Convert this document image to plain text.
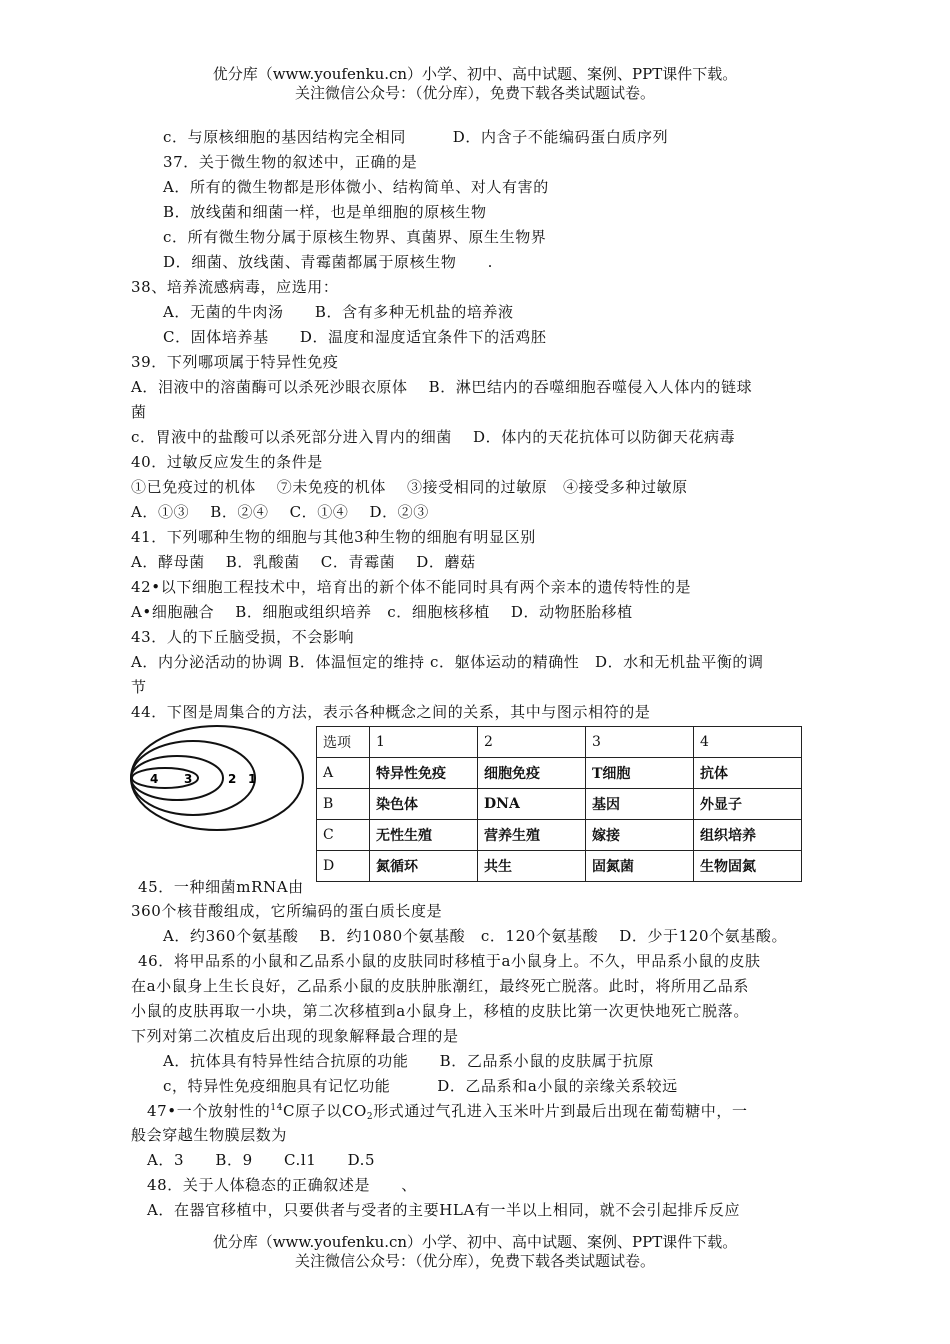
优分库（www.youfenku.cn）小学、初中、高中试题、案例、PPT课件下载。
关注微信公众号：（优分库），免费下载各类试题试卷。
c．与原核细胞的基因结构完全相同　　　D．内含子不能编码蛋白质序列
37．关于微生物的叙述中，正确的是
A．所有的微生物都是形体微小、结构简单、对人有害的
B．放线菌和细菌一样，也是单细胞的原核生物
c．所有微生物分属于原核生物界、真菌界、原生生物界
D．细菌、放线菌、青霉菌都属于原核生物　　.
38、培养流感病毒，应选用：
A．无菌的牛肉汤　　B．含有多种无机盐的培养液
C．固体培养基　　D．温度和湿度适宜条件下的活鸡胚
39．下列哪项属于特异性免疫
A．泪液中的溶菌酶可以杀死沙眼衣原体　 B．淋巴结内的吞噬细胞吞噬侵入人体内的链球
菌
c．胃液中的盐酸可以杀死部分进入胃内的细菌　 D．体内的天花抗体可以防御天花病毒
40．过敏反应发生的条件是
①已免疫过的机体　 ⑦未免疫的机体　 ③接受相同的过敏原　④接受多种过敏原
A．①③　 B．②④　 C．①④　 D．②③
41．下列哪种生物的细胞与其他3种生物的细胞有明显区别
A．酵母菌　 B．乳酸菌　 C．青霉菌　 D．蘑菇
42•以下细胞工程技术中，培育出的新个体不能同时具有两个亲本的遗传特性的是
A•细胞融合　 B．细胞或组织培养　c．细胞核移植　 D．动物胚胎移植
43．人的下丘脑受损，不会影响
A．内分泌活动的协调 B．体温恒定的维持 c．躯体运动的精确性　D．水和无机盐平衡的调
节
44．下图是周集合的方法，表示各种概念之间的关系，其中与图示相符的是
45．一种细菌mRNA由
360个核苷酸组成，它所编码的蛋白质长度是
A．约360个氨基酸　 B．约1080个氨基酸　c．120个氨基酸　 D．少于120个氨基酸。
46．将甲品系的小鼠和乙品系小鼠的皮肤同时移植于a小鼠身上。不久，甲品系小鼠的皮肤
在a小鼠身上生长良好，乙品系小鼠的皮肤肿胀潮红，最终死亡脱落。此时，将所用乙品系
小鼠的皮肤再取一小块，第二次移植到a小鼠身上，移植的皮肤比第一次更快地死亡脱落。
下列对第二次植皮后出现的现象解释最合理的是
A．抗体具有特异性结合抗原的功能　　B．乙品系小鼠的皮肤属于抗原
c，特异性免疫细胞具有记忆功能　　　D．乙品系和a小鼠的亲缘关系较远
48．关于人体稳态的正确叙述是　　、
A．在器官移植中，只要供者与受者的主要HLA有一半以上相同，就不会引起排斥反应
47•一个放射性的$^{14}$C原子以$CO_2$形式通过气孔进入玉米叶片到最后出现在葡萄糖中，一
般会穿越生物膜层数为
A．3　　B．9　　C.l1　　D.5
4 3	2 1
选项	1	2	3	4
A	特异性免疫	细胞免疫	T细胞	抗体
B	染色体	DNA	基因	外显子
C	无性生殖	营养生殖	嫁接	组织培养
D	氮循环	共生	固氮菌	生物固氮
优分库（www.youfenku.cn）小学、初中、高中试题、案例、PPT课件下载。
关注微信公众号：（优分库），免费下载各类试题试卷。
